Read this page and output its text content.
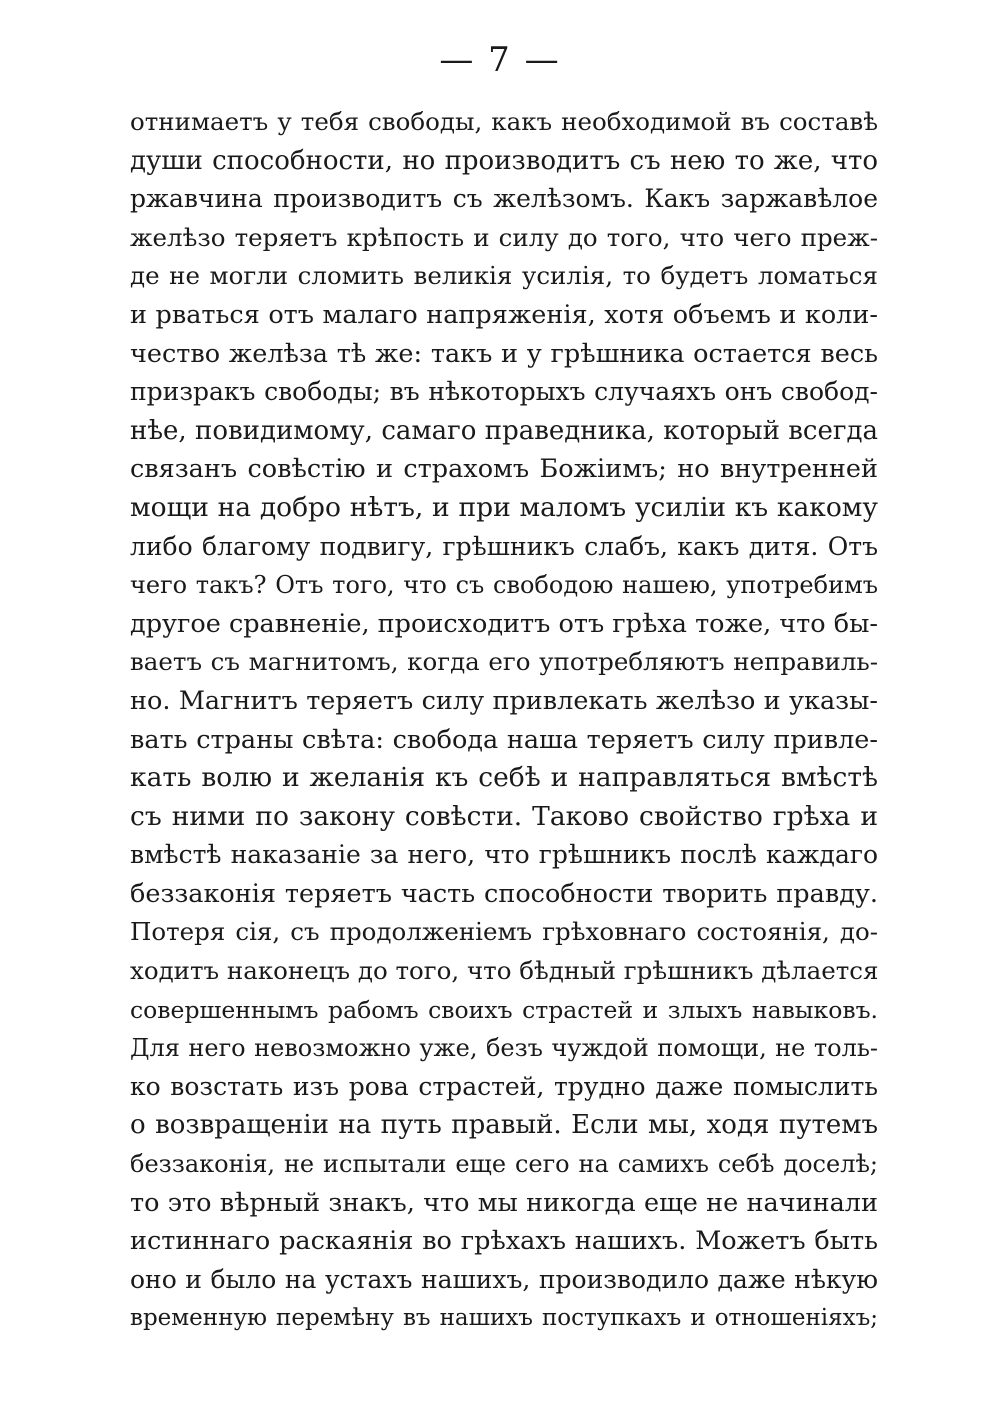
— 7 —
отнимаетъ у тебя свободы, какъ необходимой въ составѣ
души способности, но производитъ съ нею то же, что
ржавчина производитъ съ желѣзомъ. Какъ заржавѣлое
желѣзо теряетъ крѣпость и силу до того, что чего преж-
де не могли сломить великія усилія, то будетъ ломаться
и рваться отъ малаго напряженія, хотя объемъ и коли-
чество желѣза тѣ же: такъ и у грѣшника остается весь
призракъ свободы; въ нѣкоторыхъ случаяхъ онъ свобод-
нѣе, повидимому, самаго праведника, который всегда
связанъ совѣстію и страхомъ Божіимъ; но внутренней
мощи на добро нѣтъ, и при маломъ усиліи къ какому
либо благому подвигу, грѣшникъ слабъ, какъ дитя. Отъ
чего такъ? Отъ того, что съ свободою нашею, употребимъ
другое сравненіе, происходитъ отъ грѣха тоже, что бы-
ваетъ съ магнитомъ, когда его употребляютъ неправиль-
но. Магнитъ теряетъ силу привлекать желѣзо и указы-
вать страны свѣта: свобода наша теряетъ силу привле-
кать волю и желанія къ себѣ и направляться вмѣстѣ
съ ними по закону совѣсти. Таково свойство грѣха и
вмѣстѣ наказаніе за него, что грѣшникъ послѣ каждаго
беззаконія теряетъ часть способности творить правду.
Потеря сія, съ продолженіемъ грѣховнаго состоянія, до-
ходитъ наконецъ до того, что бѣдный грѣшникъ дѣлается
совершеннымъ рабомъ своихъ страстей и злыхъ навыковъ.
Для него невозможно уже, безъ чуждой помощи, не толь-
ко возстать изъ рова страстей, трудно даже помыслить
о возвращеніи на путь правый. Если мы, ходя путемъ
беззаконія, не испытали еще сего на самихъ себѣ доселѣ;
то это вѣрный знакъ, что мы никогда еще не начинали
истиннаго раскаянія во грѣхахъ нашихъ. Можетъ быть
оно и было на устахъ нашихъ, производило даже нѣкую
временную перемѣну въ нашихъ поступкахъ и отношеніяхъ;
